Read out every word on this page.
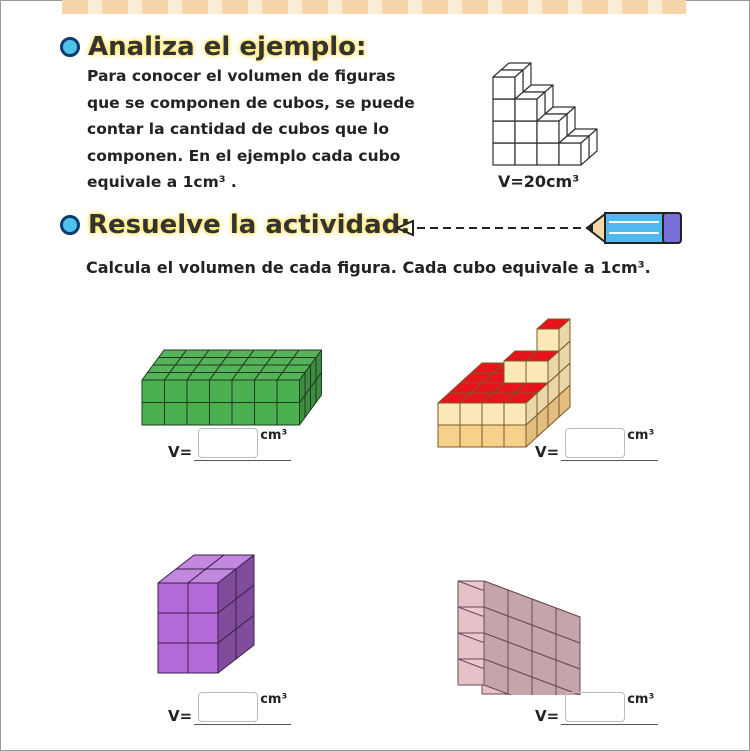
Analiza el ejemplo:
Para conocer el volumen de figuras
que se componen de cubos, se puede
contar la cantidad de cubos que lo
componen. En el ejemplo cada cubo
equivale a 1cm³ .	V=20cm³
Resuelve la actividad:
Calcula el volumen de cada figura. Cada cubo equivale a 1cm³.
V=
cm³
V=
cm³
V=
cm³
V=
cm³
